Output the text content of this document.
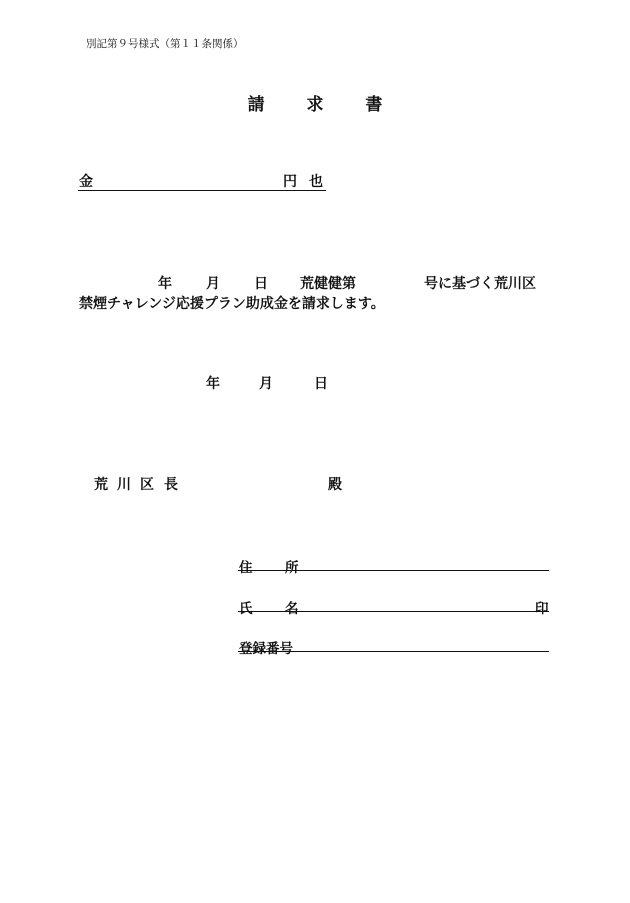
別記第９号様式（第１１条関係）
請 求 書
金	円 也
年 月 日 荒健健第	号に基づく荒川区
禁煙チャレンジ応援プラン助成金を請求します。
年	月	日
荒 川 区 長	殿
住 所
氏 名	印
登録番号
